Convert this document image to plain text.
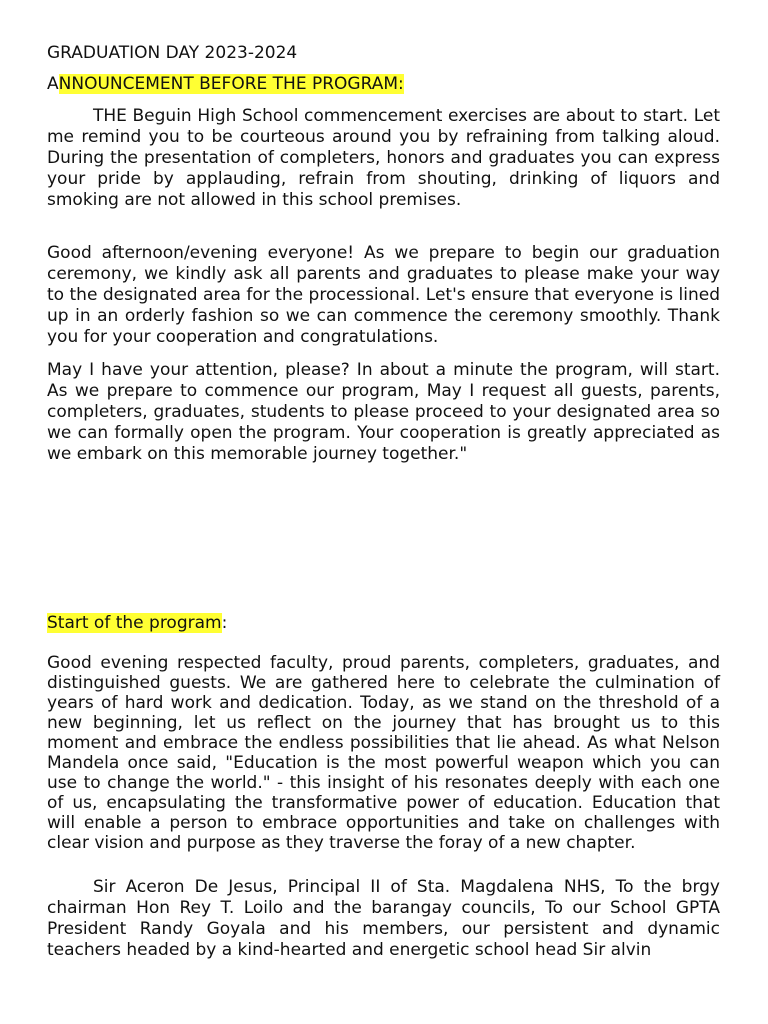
GRADUATION DAY 2023-2024
ANNOUNCEMENT BEFORE THE PROGRAM:

THE Beguin High School commencement exercises are about to start. Let me remind you to be courteous around you by refraining from talking aloud. During the presentation of completers, honors and graduates you can express your pride by applauding, refrain from shouting, drinking of liquors and smoking are not allowed in this school premises.

Good afternoon/evening everyone! As we prepare to begin our graduation ceremony, we kindly ask all parents and graduates to please make your way to the designated area for the processional. Let's ensure that everyone is lined up in an orderly fashion so we can commence the ceremony smoothly. Thank you for your cooperation and congratulations.

May I have your attention, please? In about a minute the program, will start. As we prepare to commence our program, May I request all guests, parents, completers, graduates, students to please proceed to your designated area so we can formally open the program. Your cooperation is greatly appreciated as we embark on this memorable journey together."

Start of the program:

Good evening respected faculty, proud parents, completers, graduates, and distinguished guests. We are gathered here to celebrate the culmination of years of hard work and dedication. Today, as we stand on the threshold of a new beginning, let us reflect on the journey that has brought us to this moment and embrace the endless possibilities that lie ahead. As what Nelson Mandela once said, "Education is the most powerful weapon which you can use to change the world." - this insight of his resonates deeply with each one of us, encapsulating the transformative power of education. Education that will enable a person to embrace opportunities and take on challenges with clear vision and purpose as they traverse the foray of a new chapter.

Sir Aceron De Jesus, Principal II of Sta. Magdalena NHS, To the brgy chairman Hon Rey T. Loilo and the barangay councils, To our School GPTA President Randy Goyala and his members, our persistent and dynamic teachers headed by a kind-hearted and energetic school head Sir alvin
